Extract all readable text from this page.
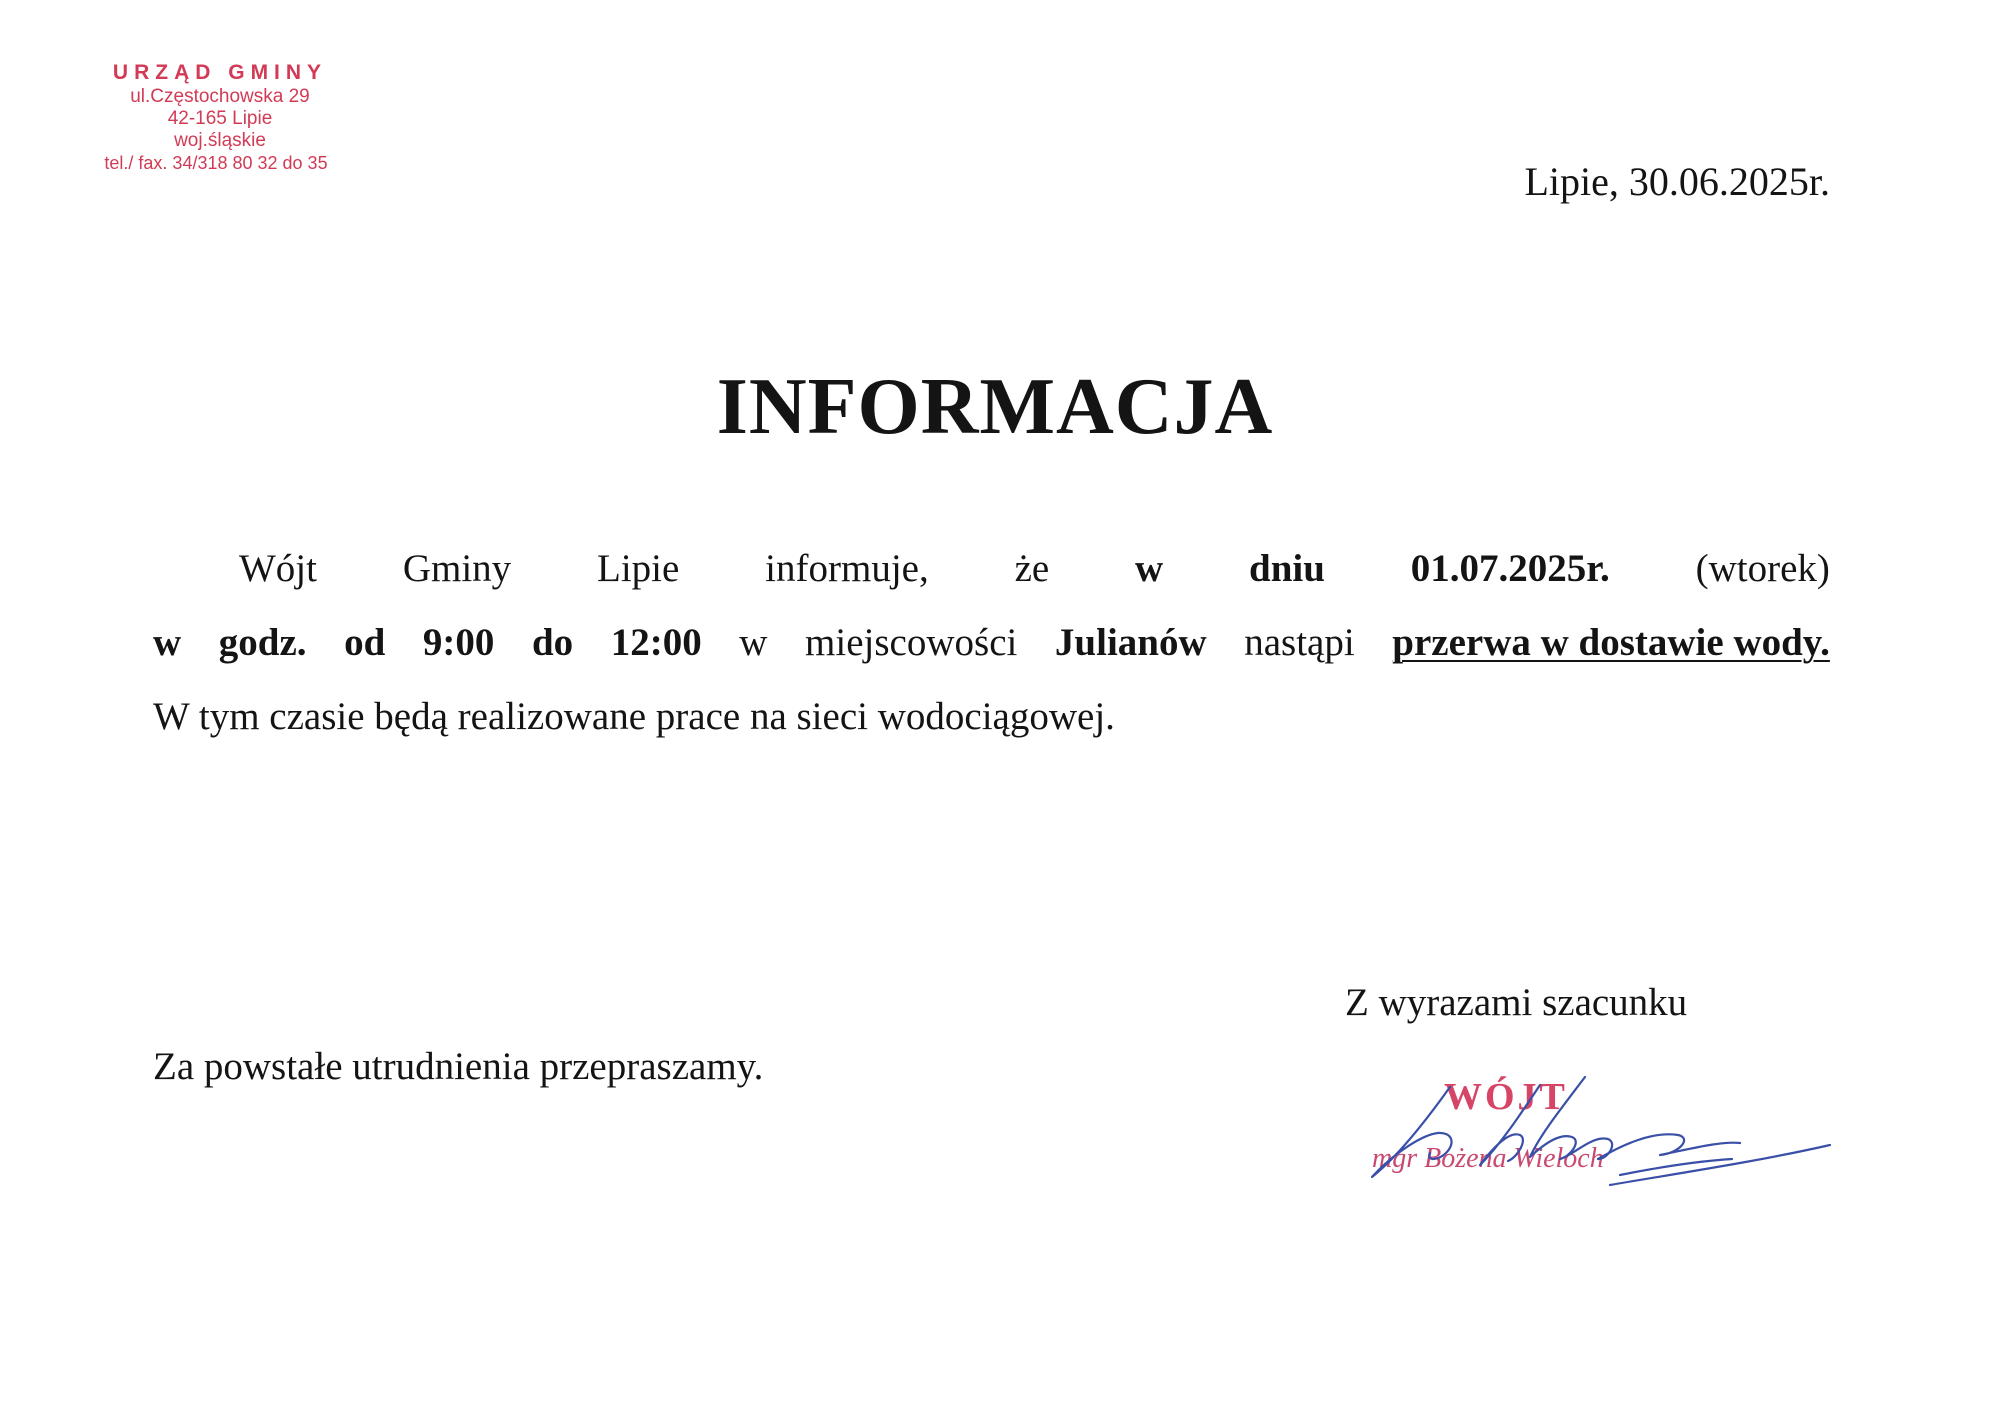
URZĄD GMINY
ul.Częstochowska 29
42-165 Lipie
woj.śląskie
tel./ fax. 34/318 80 32 do 35	Lipie, 30.06.2025r.
INFORMACJA
Wójt Gminy Lipie informuje, że w dniu 01.07.2025r. (wtorek)
w godz. od 9:00 do 12:00 w miejscowości Julianów nastąpi przerwa w dostawie wody.
W tym czasie będą realizowane prace na sieci wodociągowej.
Za powstałe utrudnienia przepraszamy.
Z wyrazami szacunku
WÓJT
mgr Bożena Wieloch
